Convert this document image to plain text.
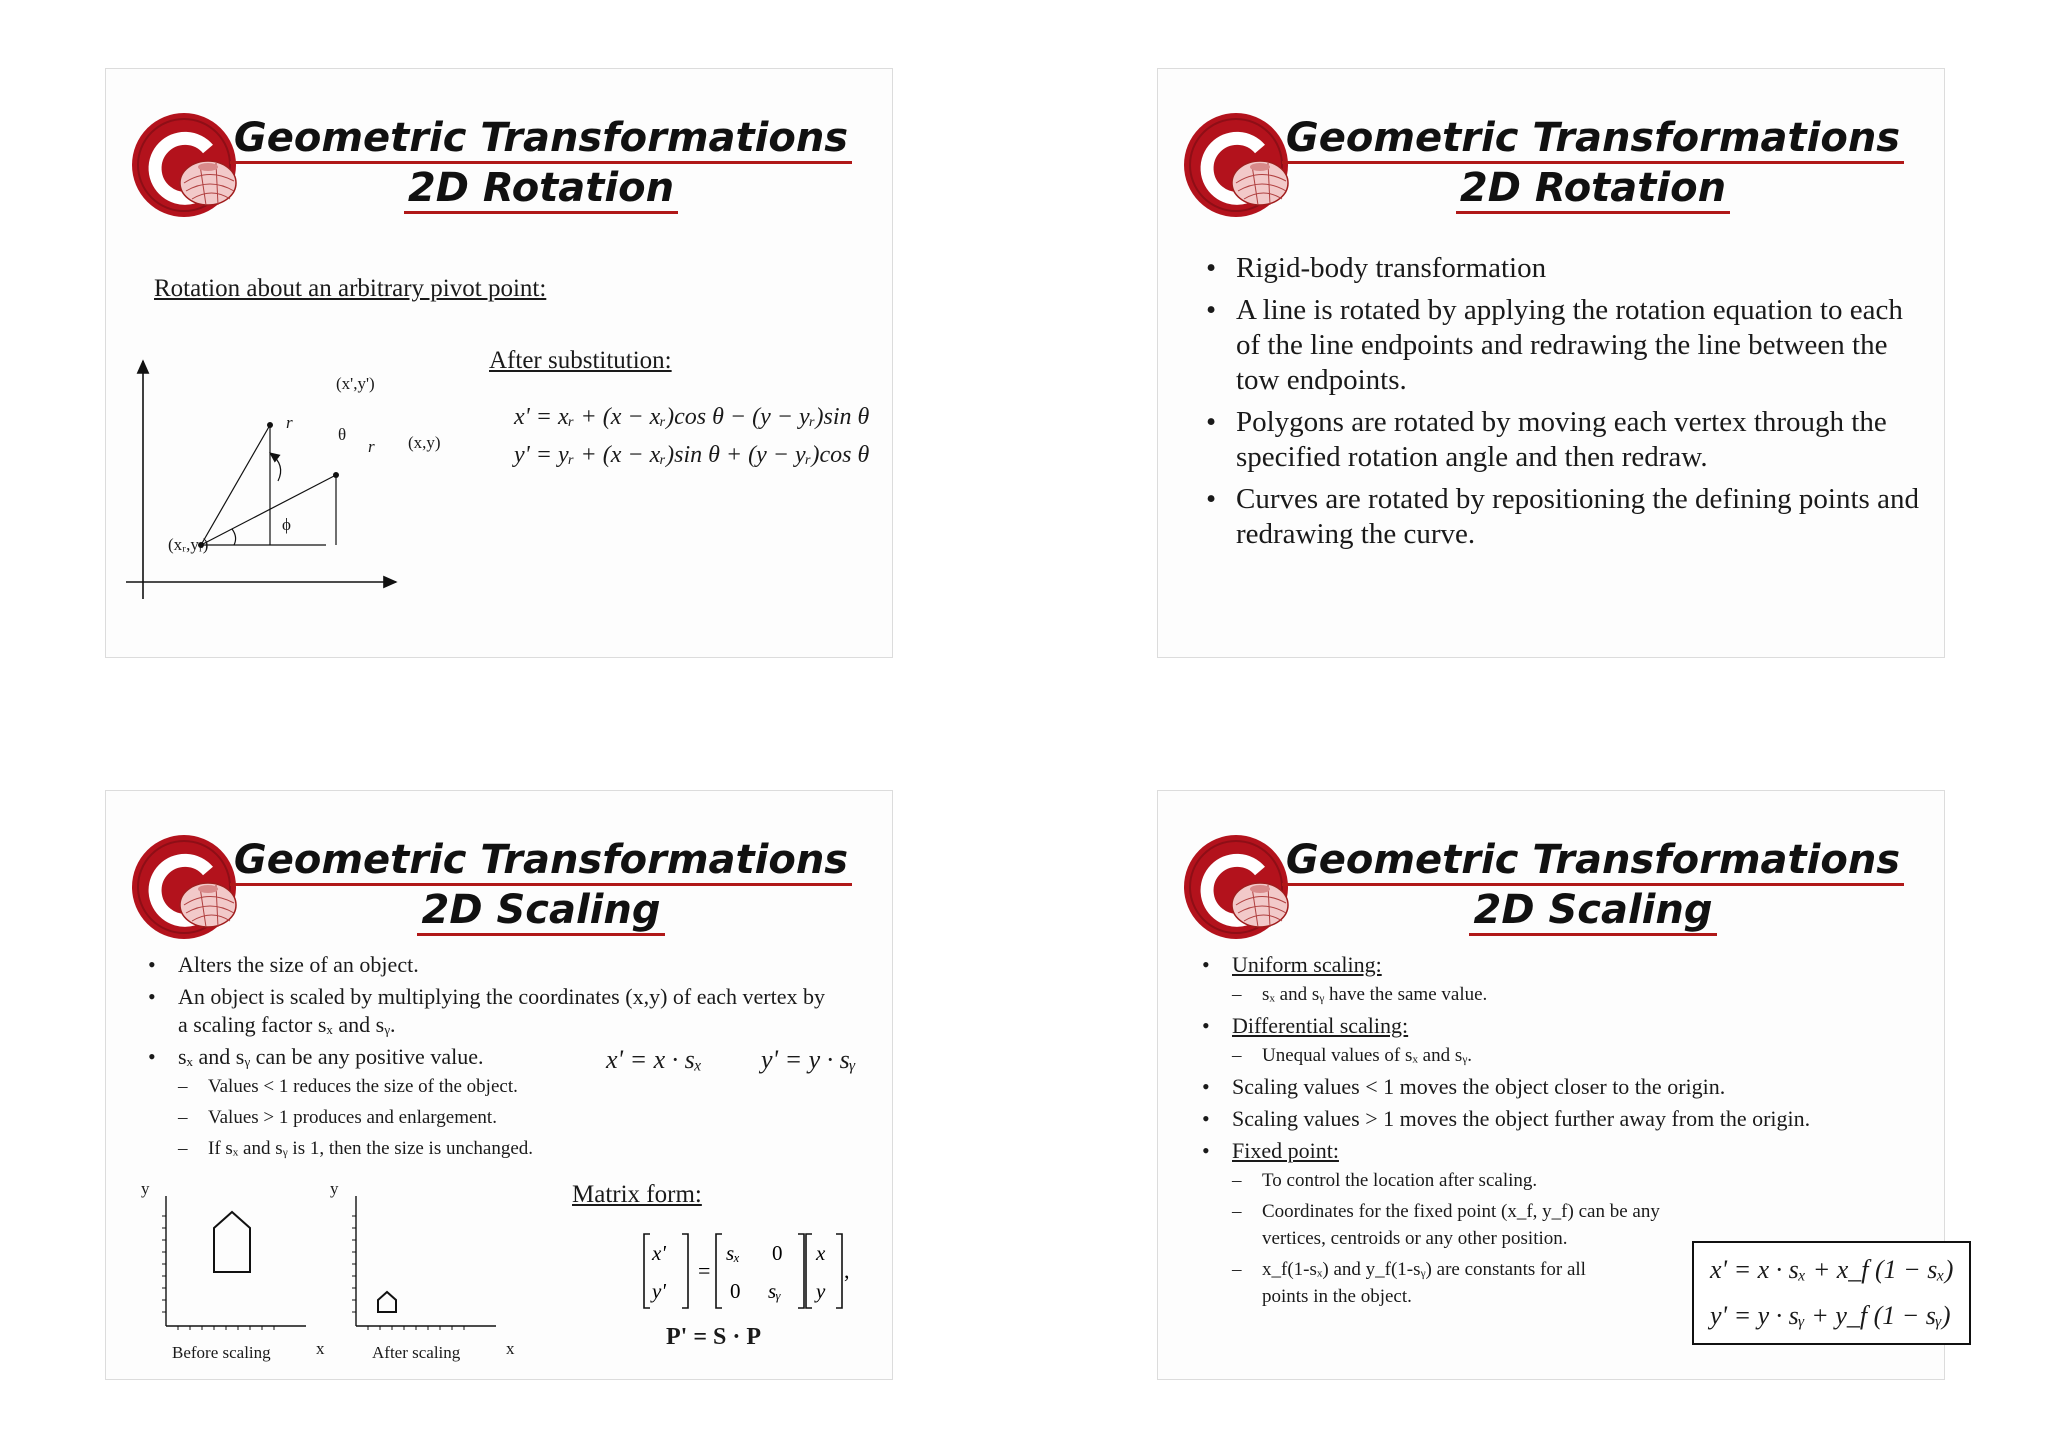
Geometric Transformations
2D Rotation
Rotation about an arbitrary pivot point:
(x',y')
(x,y)
(xᵣ,yᵣ)
r
r
θ
ϕ
After substitution:
x' = xᵣ + (x − xᵣ)cos θ − (y − yᵣ)sin θ
y' = yᵣ + (x − xᵣ)sin θ + (y − yᵣ)cos θ
Geometric Transformations
2D Rotation
• Rigid-body transformation
• A line is rotated by applying the rotation equation to each of the line endpoints and redrawing the line between the tow endpoints.
• Polygons are rotated by moving each vertex through the specified rotation angle and then redraw.
• Curves are rotated by repositioning the defining points and redrawing the curve.
Geometric Transformations
2D Scaling
• Alters the size of an object.
• An object is scaled by multiplying the coordinates (x,y) of each vertex by a scaling factor sₓ and sᵧ.
• sₓ and sᵧ can be any positive value.
– Values < 1 reduces the size of the object.
– Values > 1 produces and enlargement.
– If sₓ and sᵧ is 1, then the size is unchanged.
x' = x · sₓ y' = y · sᵧ
y
x
y
x
Before scaling	After scaling
Matrix form:
=	,
x'
y'
sₓ 0
0 sᵧ
x
y
P' = S · P
Geometric Transformations
2D Scaling
• Uniform scaling:
– sₓ and sᵧ have the same value.
• Differential scaling:
– Unequal values of sₓ and sᵧ.
• Scaling values < 1 moves the object closer to the origin.
• Scaling values > 1 moves the object further away from the origin.
• Fixed point:
– To control the location after scaling.
– Coordinates for the fixed point (x_f, y_f) can be any vertices, centroids or any other position.
– x_f(1-sₓ) and y_f(1-sᵧ) are constants for all points in the object.
x' = x · sₓ + x_f (1 − sₓ)
y' = y · sᵧ + y_f (1 − sᵧ)
